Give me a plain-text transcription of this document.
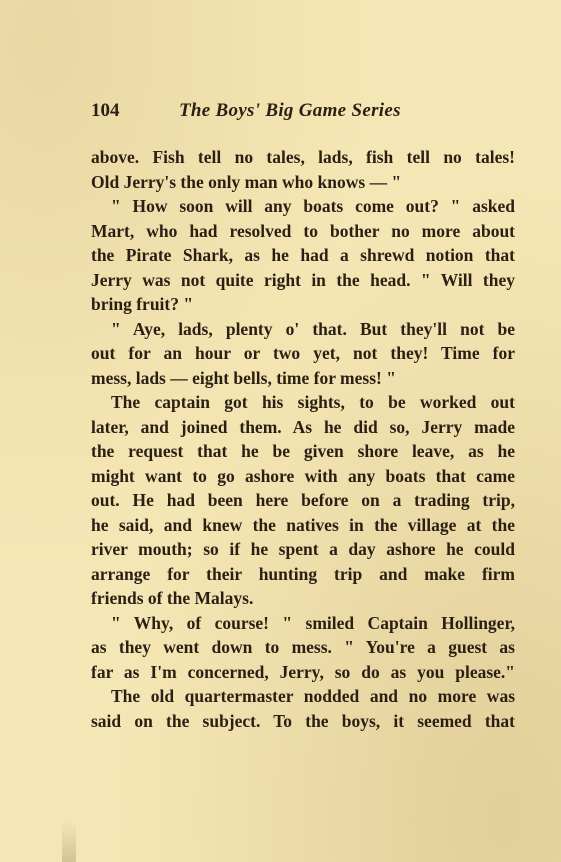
104	The Boys' Big Game Series
above. Fish tell no tales, lads, fish tell no tales!
Old Jerry's the only man who knows — "
" How soon will any boats come out? " asked
Mart, who had resolved to bother no more about
the Pirate Shark, as he had a shrewd notion that
Jerry was not quite right in the head. " Will they
bring fruit? "
" Aye, lads, plenty o' that. But they'll not be
out for an hour or two yet, not they! Time for
mess, lads — eight bells, time for mess! "
The captain got his sights, to be worked out
later, and joined them. As he did so, Jerry made
the request that he be given shore leave, as he
might want to go ashore with any boats that came
out. He had been here before on a trading trip,
he said, and knew the natives in the village at the
river mouth; so if he spent a day ashore he could
arrange for their hunting trip and make firm
friends of the Malays.
" Why, of course! " smiled Captain Hollinger,
as they went down to mess. " You're a guest as
far as I'm concerned, Jerry, so do as you please."
The old quartermaster nodded and no more was
said on the subject. To the boys, it seemed that
